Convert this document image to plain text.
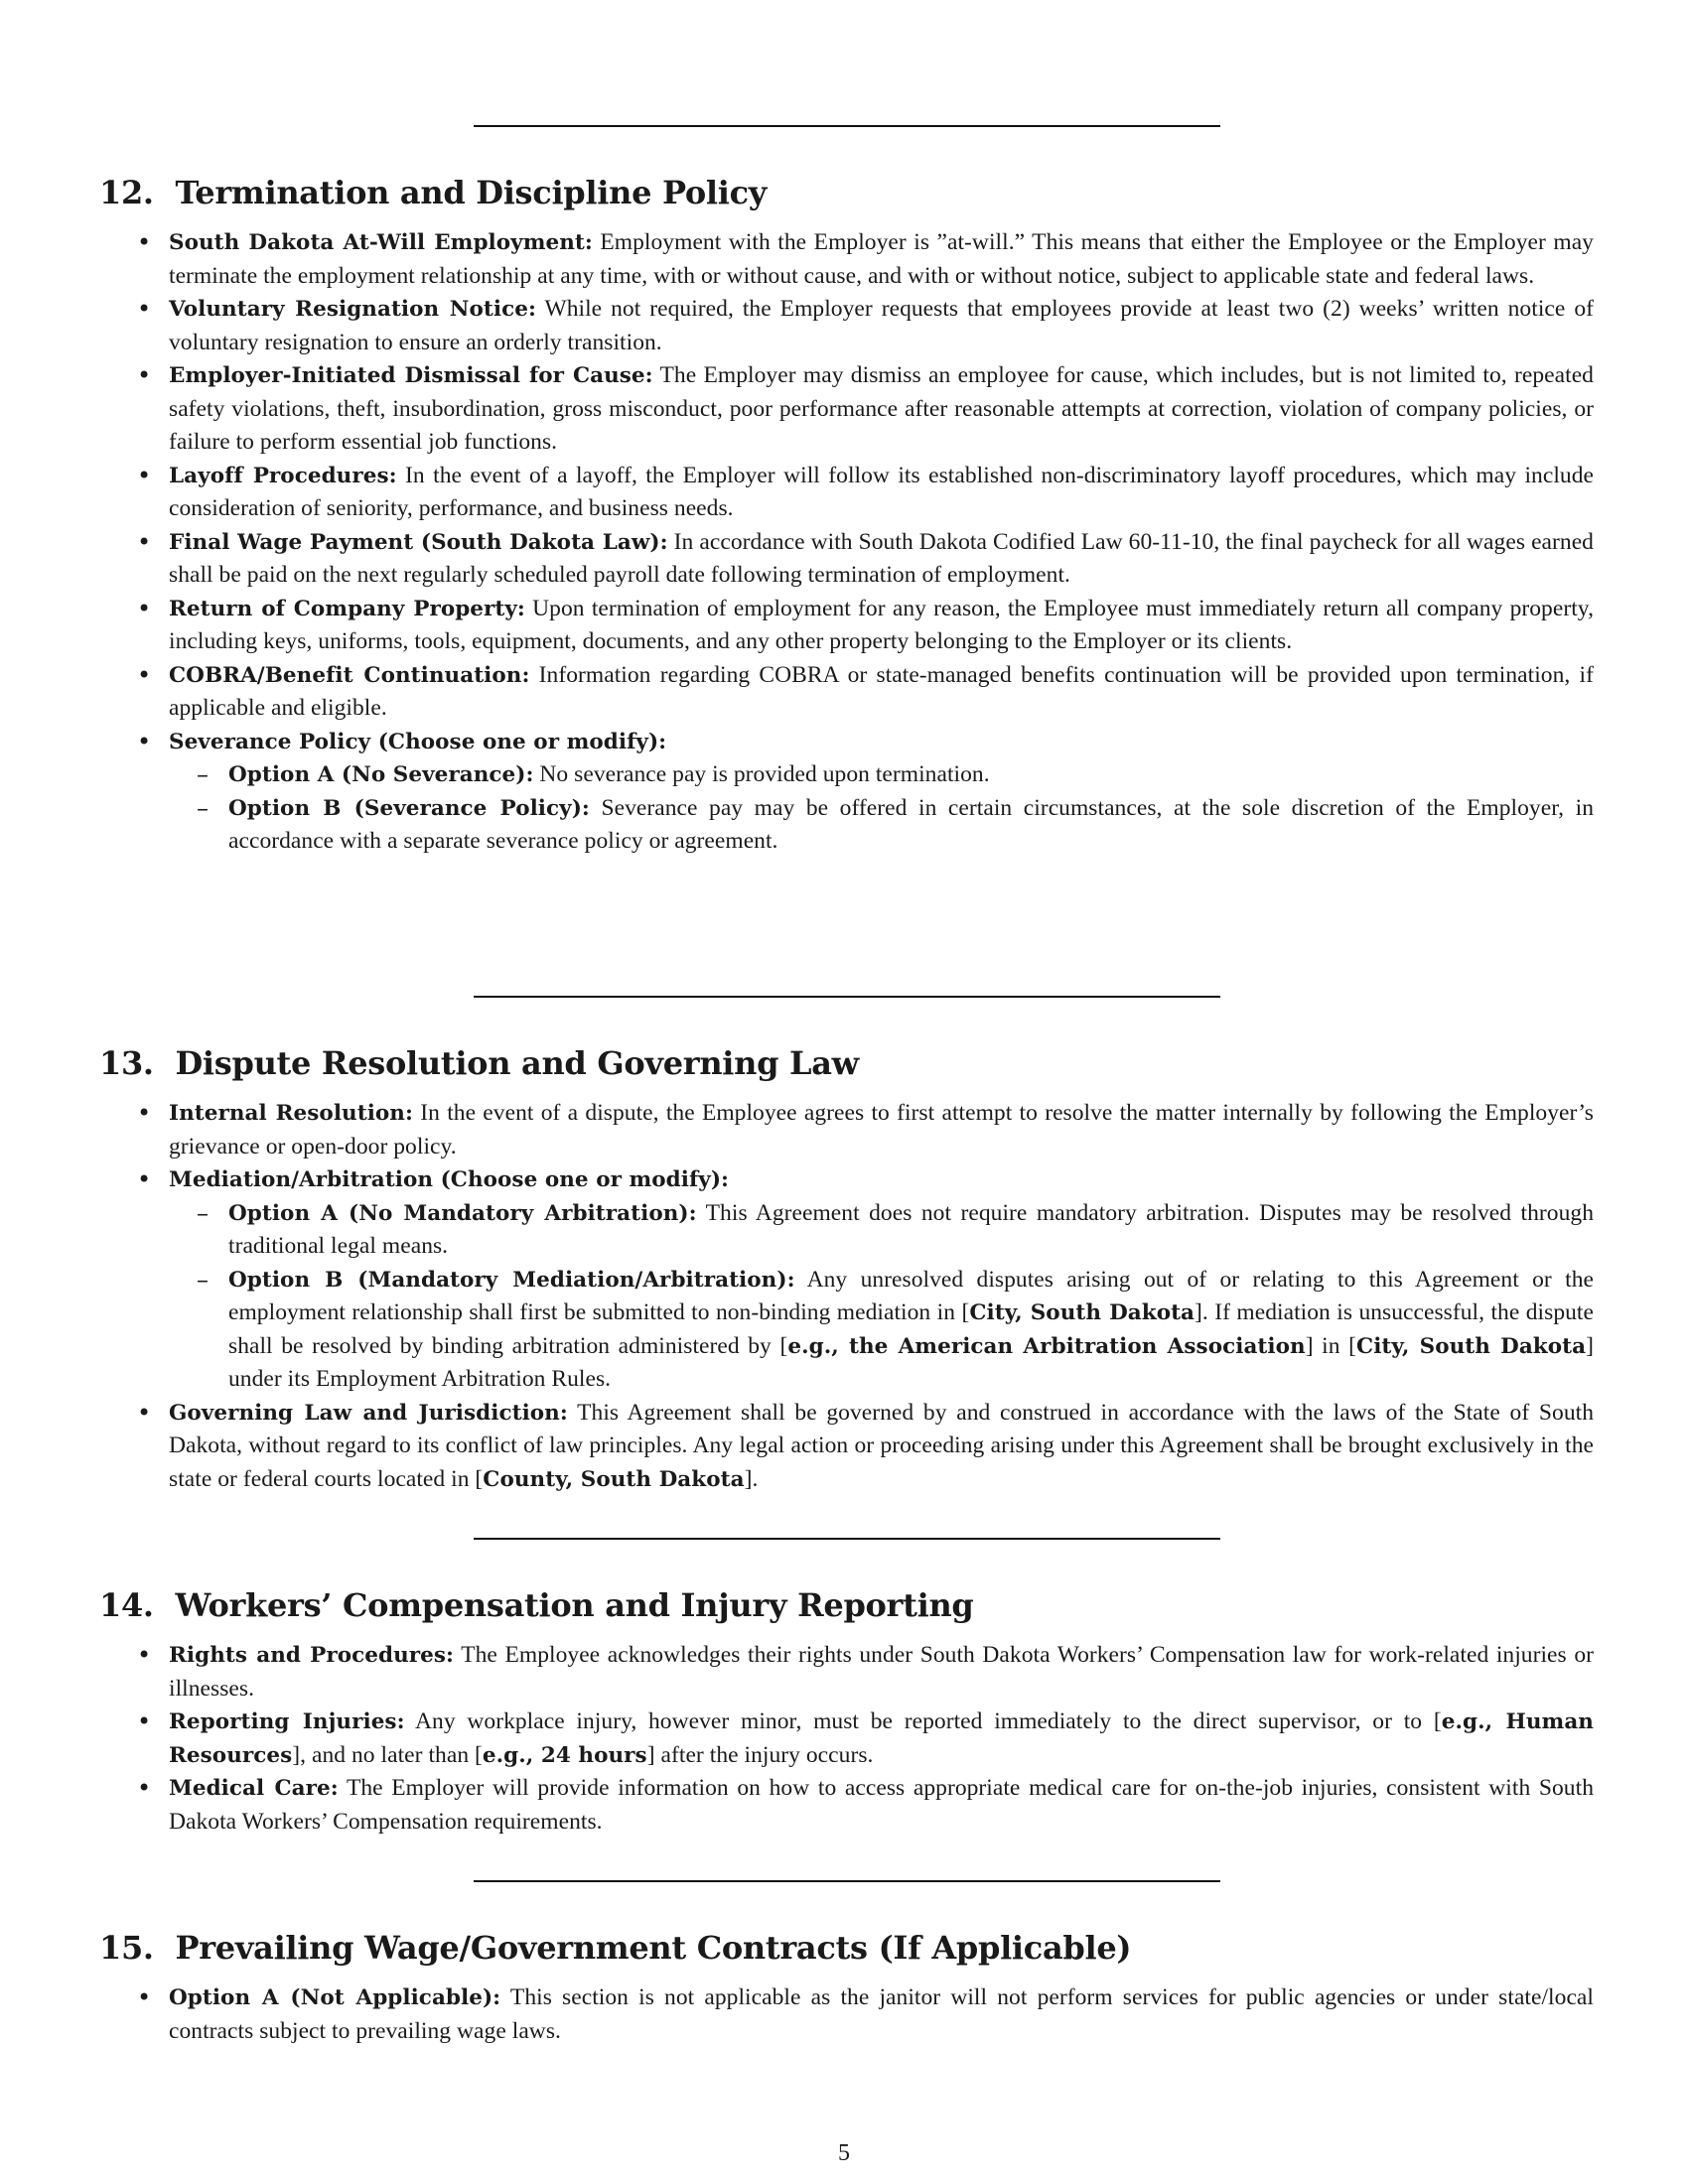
12. Termination and Discipline Policy
• South Dakota At-Will Employment: Employment with the Employer is ”at-will.” This means that either the Employee or the Employer may terminate the employment relationship at any time, with or without cause, and with or without notice, subject to applicable state and federal laws.
• Voluntary Resignation Notice: While not required, the Employer requests that employees provide at least two (2) weeks’ written notice of voluntary resignation to ensure an orderly transition.
• Employer-Initiated Dismissal for Cause: The Employer may dismiss an employee for cause, which includes, but is not limited to, repeated safety violations, theft, insubordination, gross misconduct, poor performance after reasonable attempts at correction, violation of company policies, or failure to perform essential job functions.
• Layoff Procedures: In the event of a layoff, the Employer will follow its established non-discriminatory layoff procedures, which may include consideration of seniority, performance, and business needs.
• Final Wage Payment (South Dakota Law): In accordance with South Dakota Codified Law 60-11-10, the final paycheck for all wages earned shall be paid on the next regularly scheduled payroll date following termination of employment.
• Return of Company Property: Upon termination of employment for any reason, the Employee must immediately return all company property, including keys, uniforms, tools, equipment, documents, and any other property belonging to the Employer or its clients.
• COBRA/Benefit Continuation: Information regarding COBRA or state-managed benefits continuation will be provided upon termination, if applicable and eligible.
• Severance Policy (Choose one or modify):
– Option A (No Severance): No severance pay is provided upon termination.
– Option B (Severance Policy): Severance pay may be offered in certain circumstances, at the sole discretion of the Employer, in accordance with a separate severance policy or agreement.
13. Dispute Resolution and Governing Law
• Internal Resolution: In the event of a dispute, the Employee agrees to first attempt to resolve the matter internally by following the Employer’s grievance or open-door policy.
• Mediation/Arbitration (Choose one or modify):
– Option A (No Mandatory Arbitration): This Agreement does not require mandatory arbitration. Disputes may be resolved through traditional legal means.
– Option B (Mandatory Mediation/Arbitration): Any unresolved disputes arising out of or relating to this Agreement or the employment relationship shall first be submitted to non-binding mediation in [City, South Dakota]. If mediation is unsuccessful, the dispute shall be resolved by binding arbitration administered by [e.g., the American Arbitration Association] in [City, South Dakota] under its Employment Arbitration Rules.
• Governing Law and Jurisdiction: This Agreement shall be governed by and construed in accordance with the laws of the State of South Dakota, without regard to its conflict of law principles. Any legal action or proceeding arising under this Agreement shall be brought exclusively in the state or federal courts located in [County, South Dakota].
14. Workers’ Compensation and Injury Reporting
• Rights and Procedures: The Employee acknowledges their rights under South Dakota Workers’ Compensation law for work-related injuries or illnesses.
• Reporting Injuries: Any workplace injury, however minor, must be reported immediately to the direct supervisor, or to [e.g., Human Resources], and no later than [e.g., 24 hours] after the injury occurs.
• Medical Care: The Employer will provide information on how to access appropriate medical care for on-the-job injuries, consistent with South Dakota Workers’ Compensation requirements.
15. Prevailing Wage/Government Contracts (If Applicable)
• Option A (Not Applicable): This section is not applicable as the janitor will not perform services for public agencies or under state/local contracts subject to prevailing wage laws.
5
